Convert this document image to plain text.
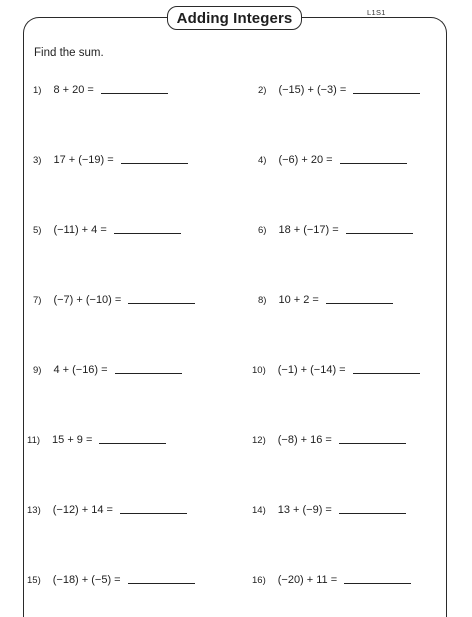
Adding Integers	L1S1
Find the sum.
1) 8 + 20 =	2) (−15) + (−3) =
3) 17 + (−19) =	4) (−6) + 20 =
5) (−11) + 4 =	6) 18 + (−17) =
7) (−7) + (−10) =	8) 10 + 2 =
9) 4 + (−16) =	10) (−1) + (−14) =
11) 15 + 9 =	12) (−8) + 16 =
13) (−12) + 14 =	14) 13 + (−9) =
15) (−18) + (−5) =	16) (−20) + 11 =
